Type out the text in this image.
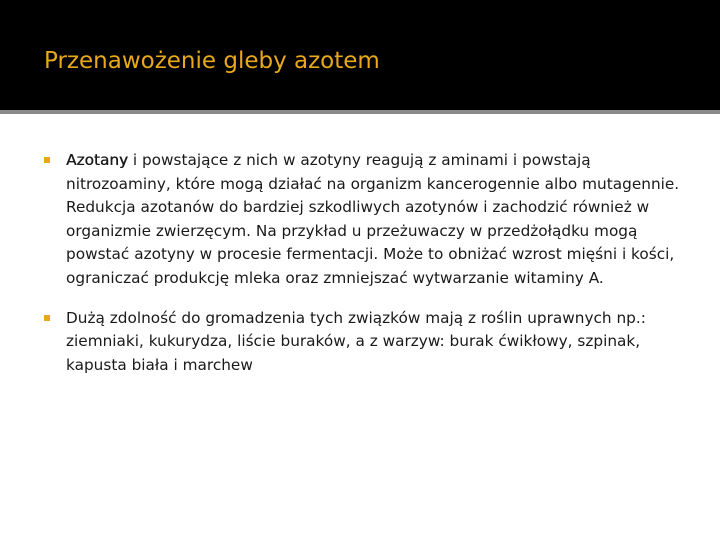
Przenawożenie gleby azotem
Azotany i powstające z nich w azotyny reagują z aminami i powstają nitrozoaminy, które mogą działać na organizm kancerogennie albo mutagennie. Redukcja azotanów do bardziej szkodliwych azotynów i zachodzić również w organizmie zwierzęcym. Na przykład u przeżuwaczy w przedżołądku mogą powstać azotyny w procesie fermentacji. Może to obniżać wzrost mięśni i kości, ograniczać produkcję mleka oraz zmniejszać wytwarzanie witaminy A.
Dużą zdolność do gromadzenia tych związków mają z roślin uprawnych np.: ziemniaki, kukurydza, liście buraków, a z warzyw: burak ćwikłowy, szpinak, kapusta biała i marchew
